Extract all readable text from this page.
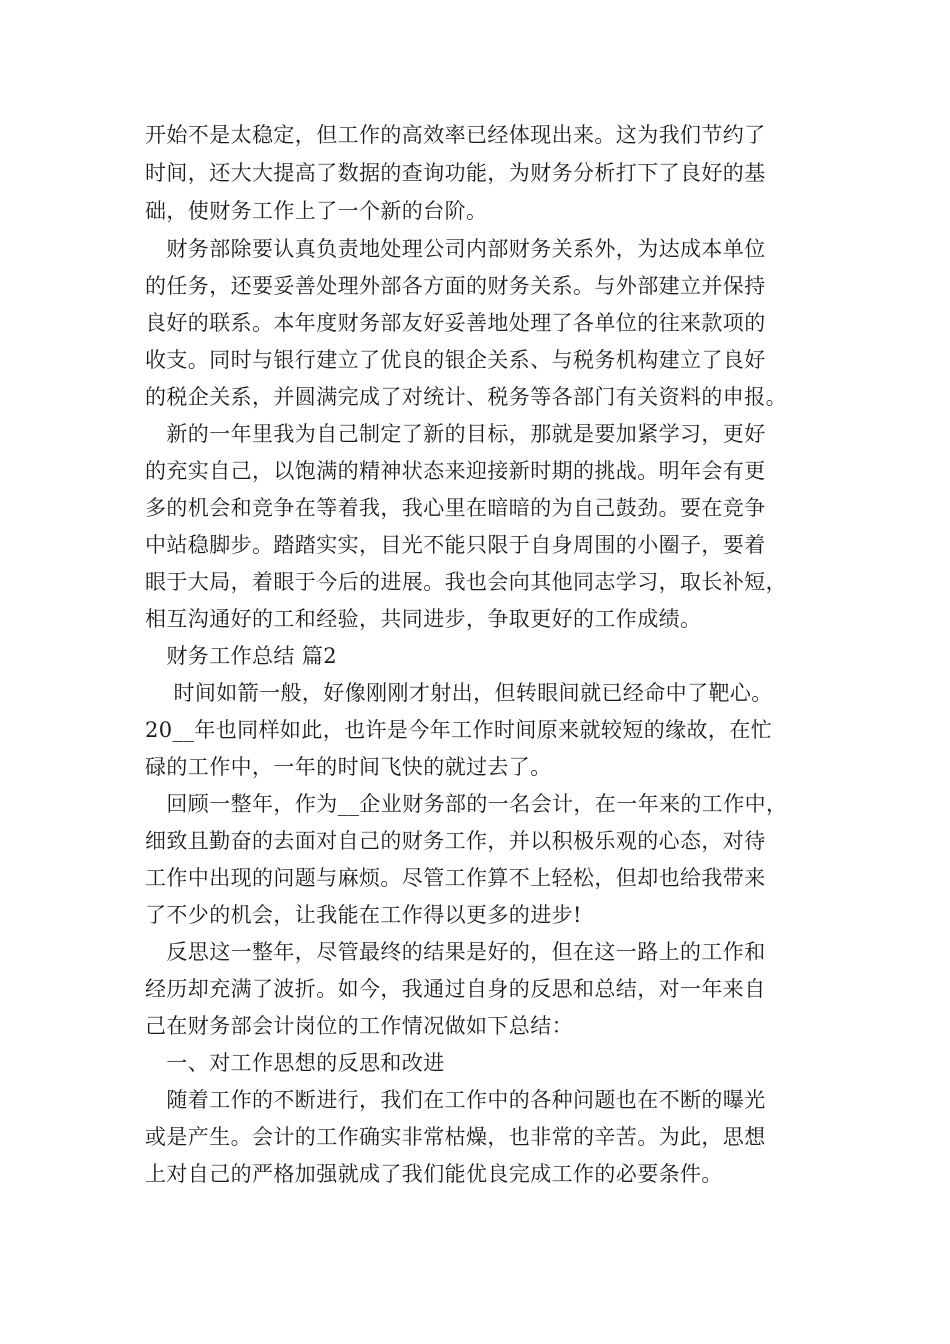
开始不是太稳定，但工作的高效率已经体现出来。这为我们节约了
时间，还大大提高了数据的查询功能，为财务分析打下了良好的基
础，使财务工作上了一个新的台阶。
　财务部除要认真负责地处理公司内部财务关系外，为达成本单位
的任务，还要妥善处理外部各方面的财务关系。与外部建立并保持
良好的联系。本年度财务部友好妥善地处理了各单位的往来款项的
收支。同时与银行建立了优良的银企关系、与税务机构建立了良好
的税企关系，并圆满完成了对统计、税务等各部门有关资料的申报。
　新的一年里我为自己制定了新的目标，那就是要加紧学习，更好
的充实自己，以饱满的精神状态来迎接新时期的挑战。明年会有更
多的机会和竞争在等着我，我心里在暗暗的为自己鼓劲。要在竞争
中站稳脚步。踏踏实实，目光不能只限于自身周围的小圈子，要着
眼于大局，着眼于今后的进展。我也会向其他同志学习，取长补短，
相互沟通好的工和经验，共同进步，争取更好的工作成绩。
　财务工作总结 篇2
　 时间如箭一般，好像刚刚才射出，但转眼间就已经命中了靶心。
20__年也同样如此，也许是今年工作时间原来就较短的缘故，在忙
碌的工作中，一年的时间飞快的就过去了。
　回顾一整年，作为__企业财务部的一名会计，在一年来的工作中，
细致且勤奋的去面对自己的财务工作，并以积极乐观的心态，对待
工作中出现的问题与麻烦。尽管工作算不上轻松，但却也给我带来
了不少的机会，让我能在工作得以更多的进步!
　反思这一整年，尽管最终的结果是好的，但在这一路上的工作和
经历却充满了波折。如今，我通过自身的反思和总结，对一年来自
己在财务部会计岗位的工作情况做如下总结：
　一、对工作思想的反思和改进
　随着工作的不断进行，我们在工作中的各种问题也在不断的曝光
或是产生。会计的工作确实非常枯燥，也非常的辛苦。为此，思想
上对自己的严格加强就成了我们能优良完成工作的必要条件。
